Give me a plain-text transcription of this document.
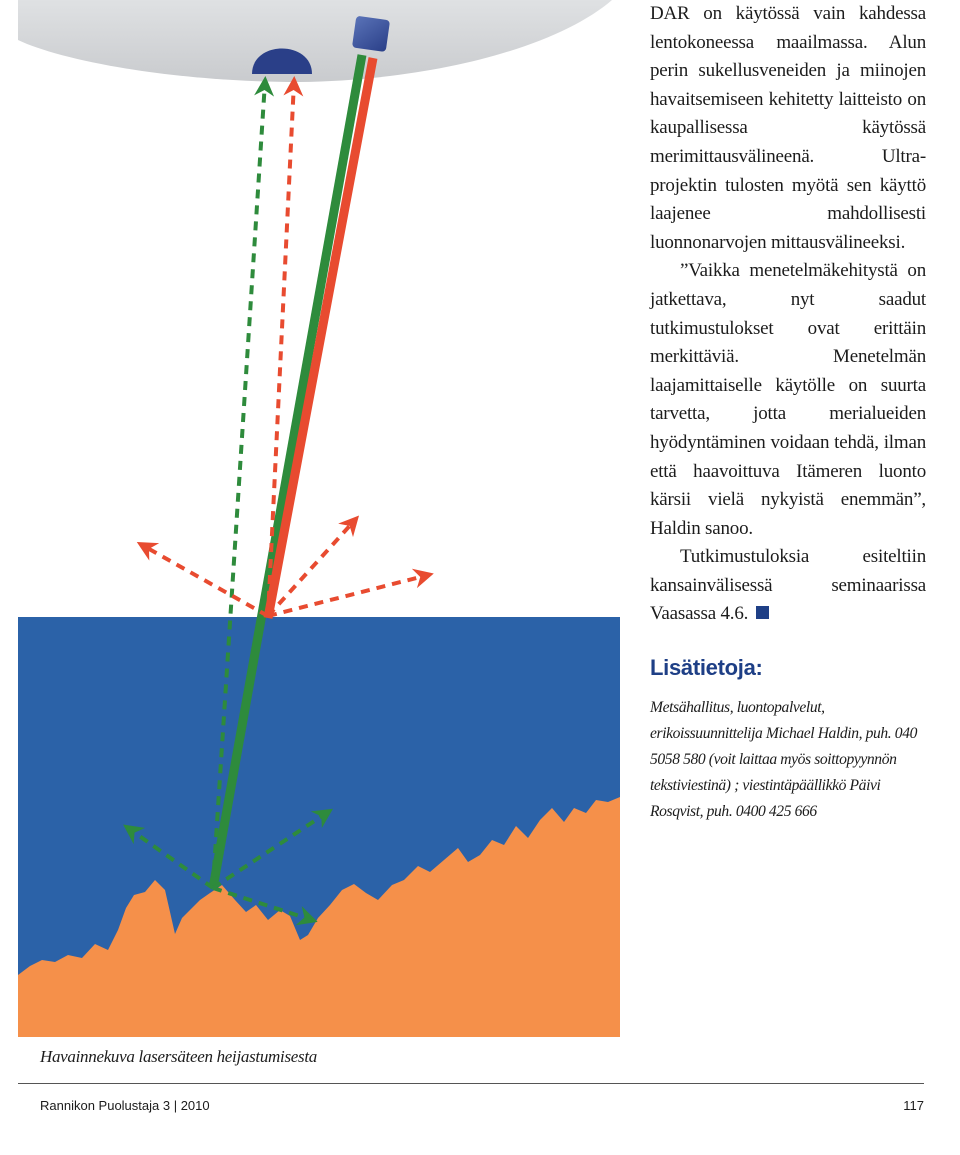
DAR on käytössä vain kahdessa lentokoneessa maailmassa. Alun perin sukellusveneiden ja miinojen havaitsemiseen kehitetty laitteisto on kaupallisessa käytössä merimittausvälineenä. Ultra-projektin tulosten myötä sen käyttö laajenee mahdollisesti luonnonarvojen mittausvälineeksi.

”Vaikka menetelmäkehitystä on jatkettava, nyt saadut tutkimustulokset ovat erittäin merkittäviä. Menetelmän laajamittaiselle käytölle on suurta tarvetta, jotta merialueiden hyödyntäminen voidaan tehdä, ilman että haavoittuva Itämeren luonto kärsii vielä nykyistä enemmän”, Haldin sanoo.

Tutkimustuloksia esiteltiin kansainvälisessä seminaarissa Vaasassa 4.6.

Lisätietoja:

Metsähallitus, luontopalvelut, erikoissuunnittelija Michael Haldin, puh. 040 5058 580 (voit laittaa myös soittopyynnön tekstiviestinä) ; viestintäpäällikkö Päivi Rosqvist, puh. 0400 425 666

Havainnekuva lasersäteen heijastumisesta
Rannikon Puolustaja 3 | 2010	117
